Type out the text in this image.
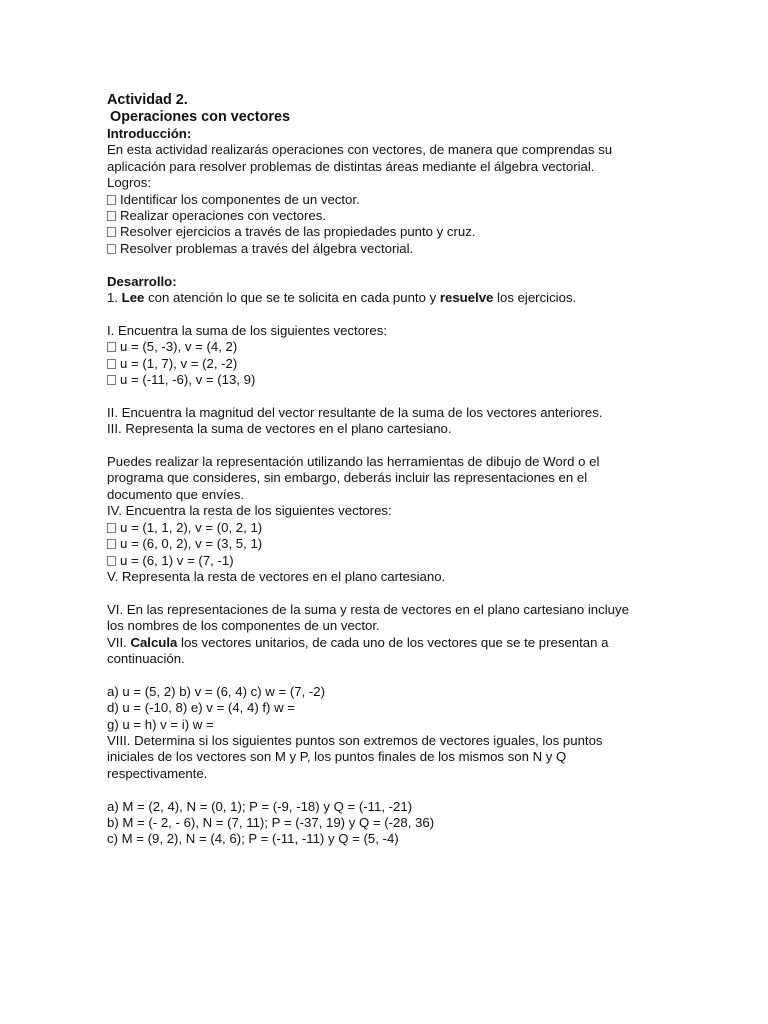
Actividad 2.
Operaciones con vectores
Introducción:
En esta actividad realizarás operaciones con vectores, de manera que comprendas su
aplicación para resolver problemas de distintas áreas mediante el álgebra vectorial.
Logros:
Identificar los componentes de un vector.
Realizar operaciones con vectores.
Resolver ejercicios a través de las propiedades punto y cruz.
Resolver problemas a través del álgebra vectorial.
Desarrollo:
1. Lee con atención lo que se te solicita en cada punto y resuelve los ejercicios.
I. Encuentra la suma de los siguientes vectores:
u = (5, -3), v = (4, 2)
u = (1, 7), v = (2, -2)
u = (-11, -6), v = (13, 9)
II. Encuentra la magnitud del vector resultante de la suma de los vectores anteriores.
III. Representa la suma de vectores en el plano cartesiano.
Puedes realizar la representación utilizando las herramientas de dibujo de Word o el
programa que consideres, sin embargo, deberás incluir las representaciones en el
documento que envíes.
IV. Encuentra la resta de los siguientes vectores:
u = (1, 1, 2), v = (0, 2, 1)
u = (6, 0, 2), v = (3, 5, 1)
u = (6, 1) v = (7, -1)
V. Representa la resta de vectores en el plano cartesiano.
VI. En las representaciones de la suma y resta de vectores en el plano cartesiano incluye
los nombres de los componentes de un vector.
VII. Calcula los vectores unitarios, de cada uno de los vectores que se te presentan a
continuación.
a) u = (5, 2) b) v = (6, 4) c) w = (7, -2)
d) u = (-10, 8) e) v = (4, 4) f) w =
g) u = h) v = i) w =
VIII. Determina si los siguientes puntos son extremos de vectores iguales, los puntos
iniciales de los vectores son M y P, los puntos finales de los mismos son N y Q
respectivamente.
a) M = (2, 4), N = (0, 1); P = (-9, -18) y Q = (-11, -21)
b) M = (- 2, - 6), N = (7, 11); P = (-37, 19) y Q = (-28, 36)
c) M = (9, 2), N = (4, 6); P = (-11, -11) y Q = (5, -4)
